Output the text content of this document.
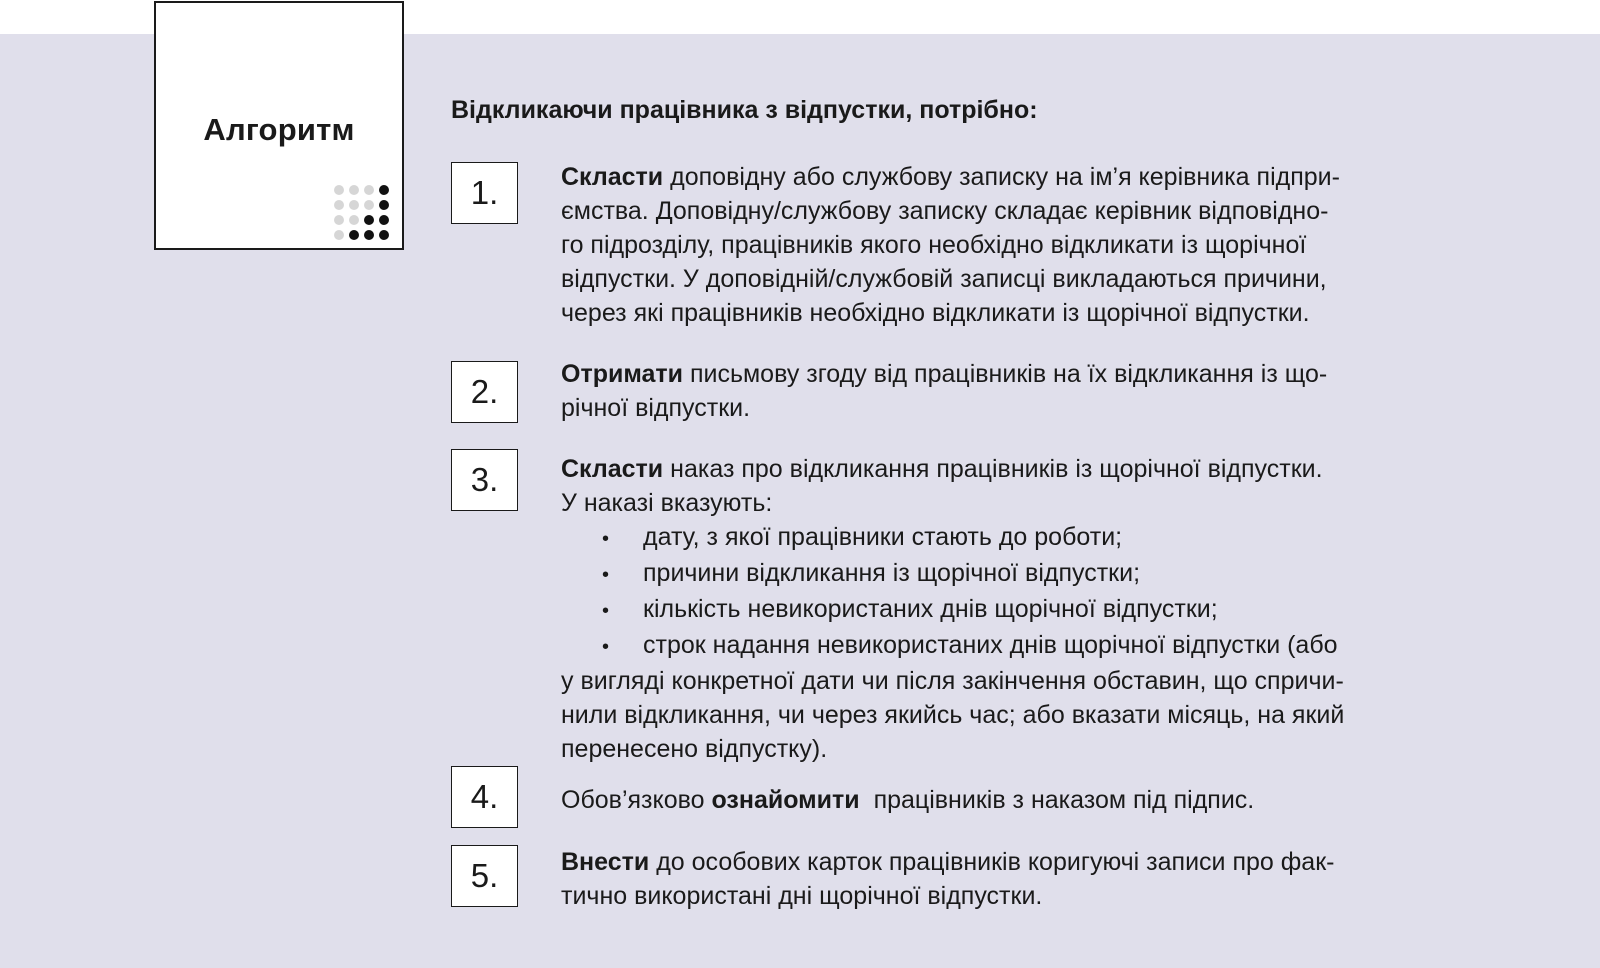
Алгоритм
Відкликаючи працівника з відпустки, потрібно:
1.	Скласти доповідну або службову записку на ім’я керівника підпри-
ємства. Доповідну/службову записку складає керівник відповідно-
го підрозділу, працівників якого необхідно відкликати із щорічної
відпустки. У доповідній/службовій записці викладаються причини,
через які працівників необхідно відкликати із щорічної відпустки.
2.	Отримати письмову згоду від працівників на їх відкликання із що-
річної відпустки.
3.	Скласти наказ про відкликання працівників із щорічної відпустки.
У наказі вказують:
• дату, з якої працівники стають до роботи;
• причини відкликання із щорічної відпустки;
• кількість невикористаних днів щорічної відпустки;
• строк надання невикористаних днів щорічної відпустки (або
у вигляді конкретної дати чи після закінчення обставин, що спричи-
нили відкликання, чи через якийсь час; або вказати місяць, на який
перенесено відпустку).
4.	Обов’язково ознайомити працівників з наказом під підпис.
5.	Внести до особових карток працівників коригуючі записи про фак-
тично використані дні щорічної відпустки.
